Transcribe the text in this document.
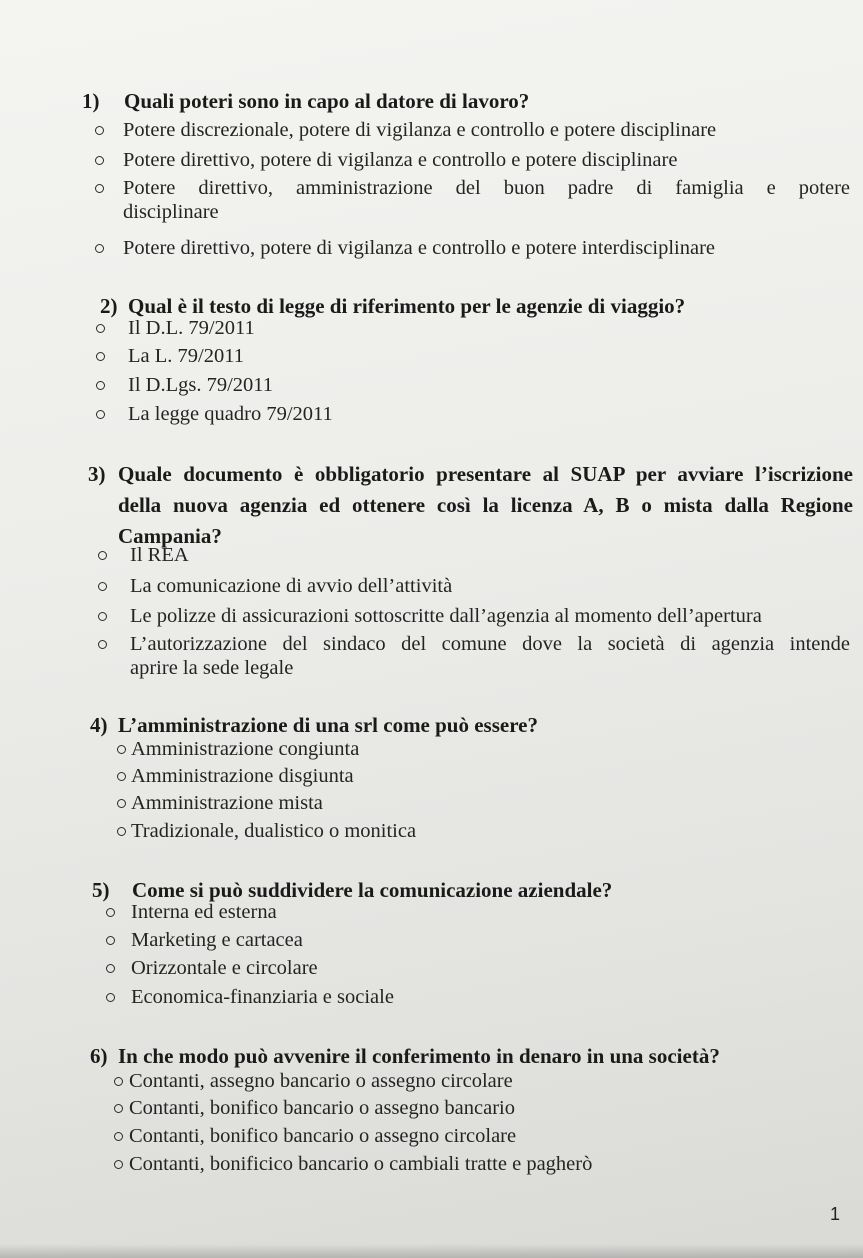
1) Quali poteri sono in capo al datore di lavoro?
Potere discrezionale, potere di vigilanza e controllo e potere disciplinare
Potere direttivo, potere di vigilanza e controllo e potere disciplinare
Potere direttivo, amministrazione del buon padre di famiglia e potere
disciplinare
Potere direttivo, potere di vigilanza e controllo e potere interdisciplinare
2) Qual è il testo di legge di riferimento per le agenzie di viaggio?
Il D.L. 79/2011
La L. 79/2011
Il D.Lgs. 79/2011
La legge quadro 79/2011
3) Quale documento è obbligatorio presentare al SUAP per avviare l’iscrizione
della nuova agenzia ed ottenere così la licenza A, B o mista dalla Regione
Campania?
Il REA
La comunicazione di avvio dell’attività
Le polizze di assicurazioni sottoscritte dall’agenzia al momento dell’apertura
L’autorizzazione del sindaco del comune dove la società di agenzia intende
aprire la sede legale
4) L’amministrazione di una srl come può essere?
Amministrazione congiunta
Amministrazione disgiunta
Amministrazione mista
Tradizionale, dualistico o monitica
5) Come si può suddividere la comunicazione aziendale?
Interna ed esterna
Marketing e cartacea
Orizzontale e circolare
Economica-finanziaria e sociale
6) In che modo può avvenire il conferimento in denaro in una società?
Contanti, assegno bancario o assegno circolare
Contanti, bonifico bancario o assegno bancario
Contanti, bonifico bancario o assegno circolare
Contanti, bonificico bancario o cambiali tratte e pagherò
1
